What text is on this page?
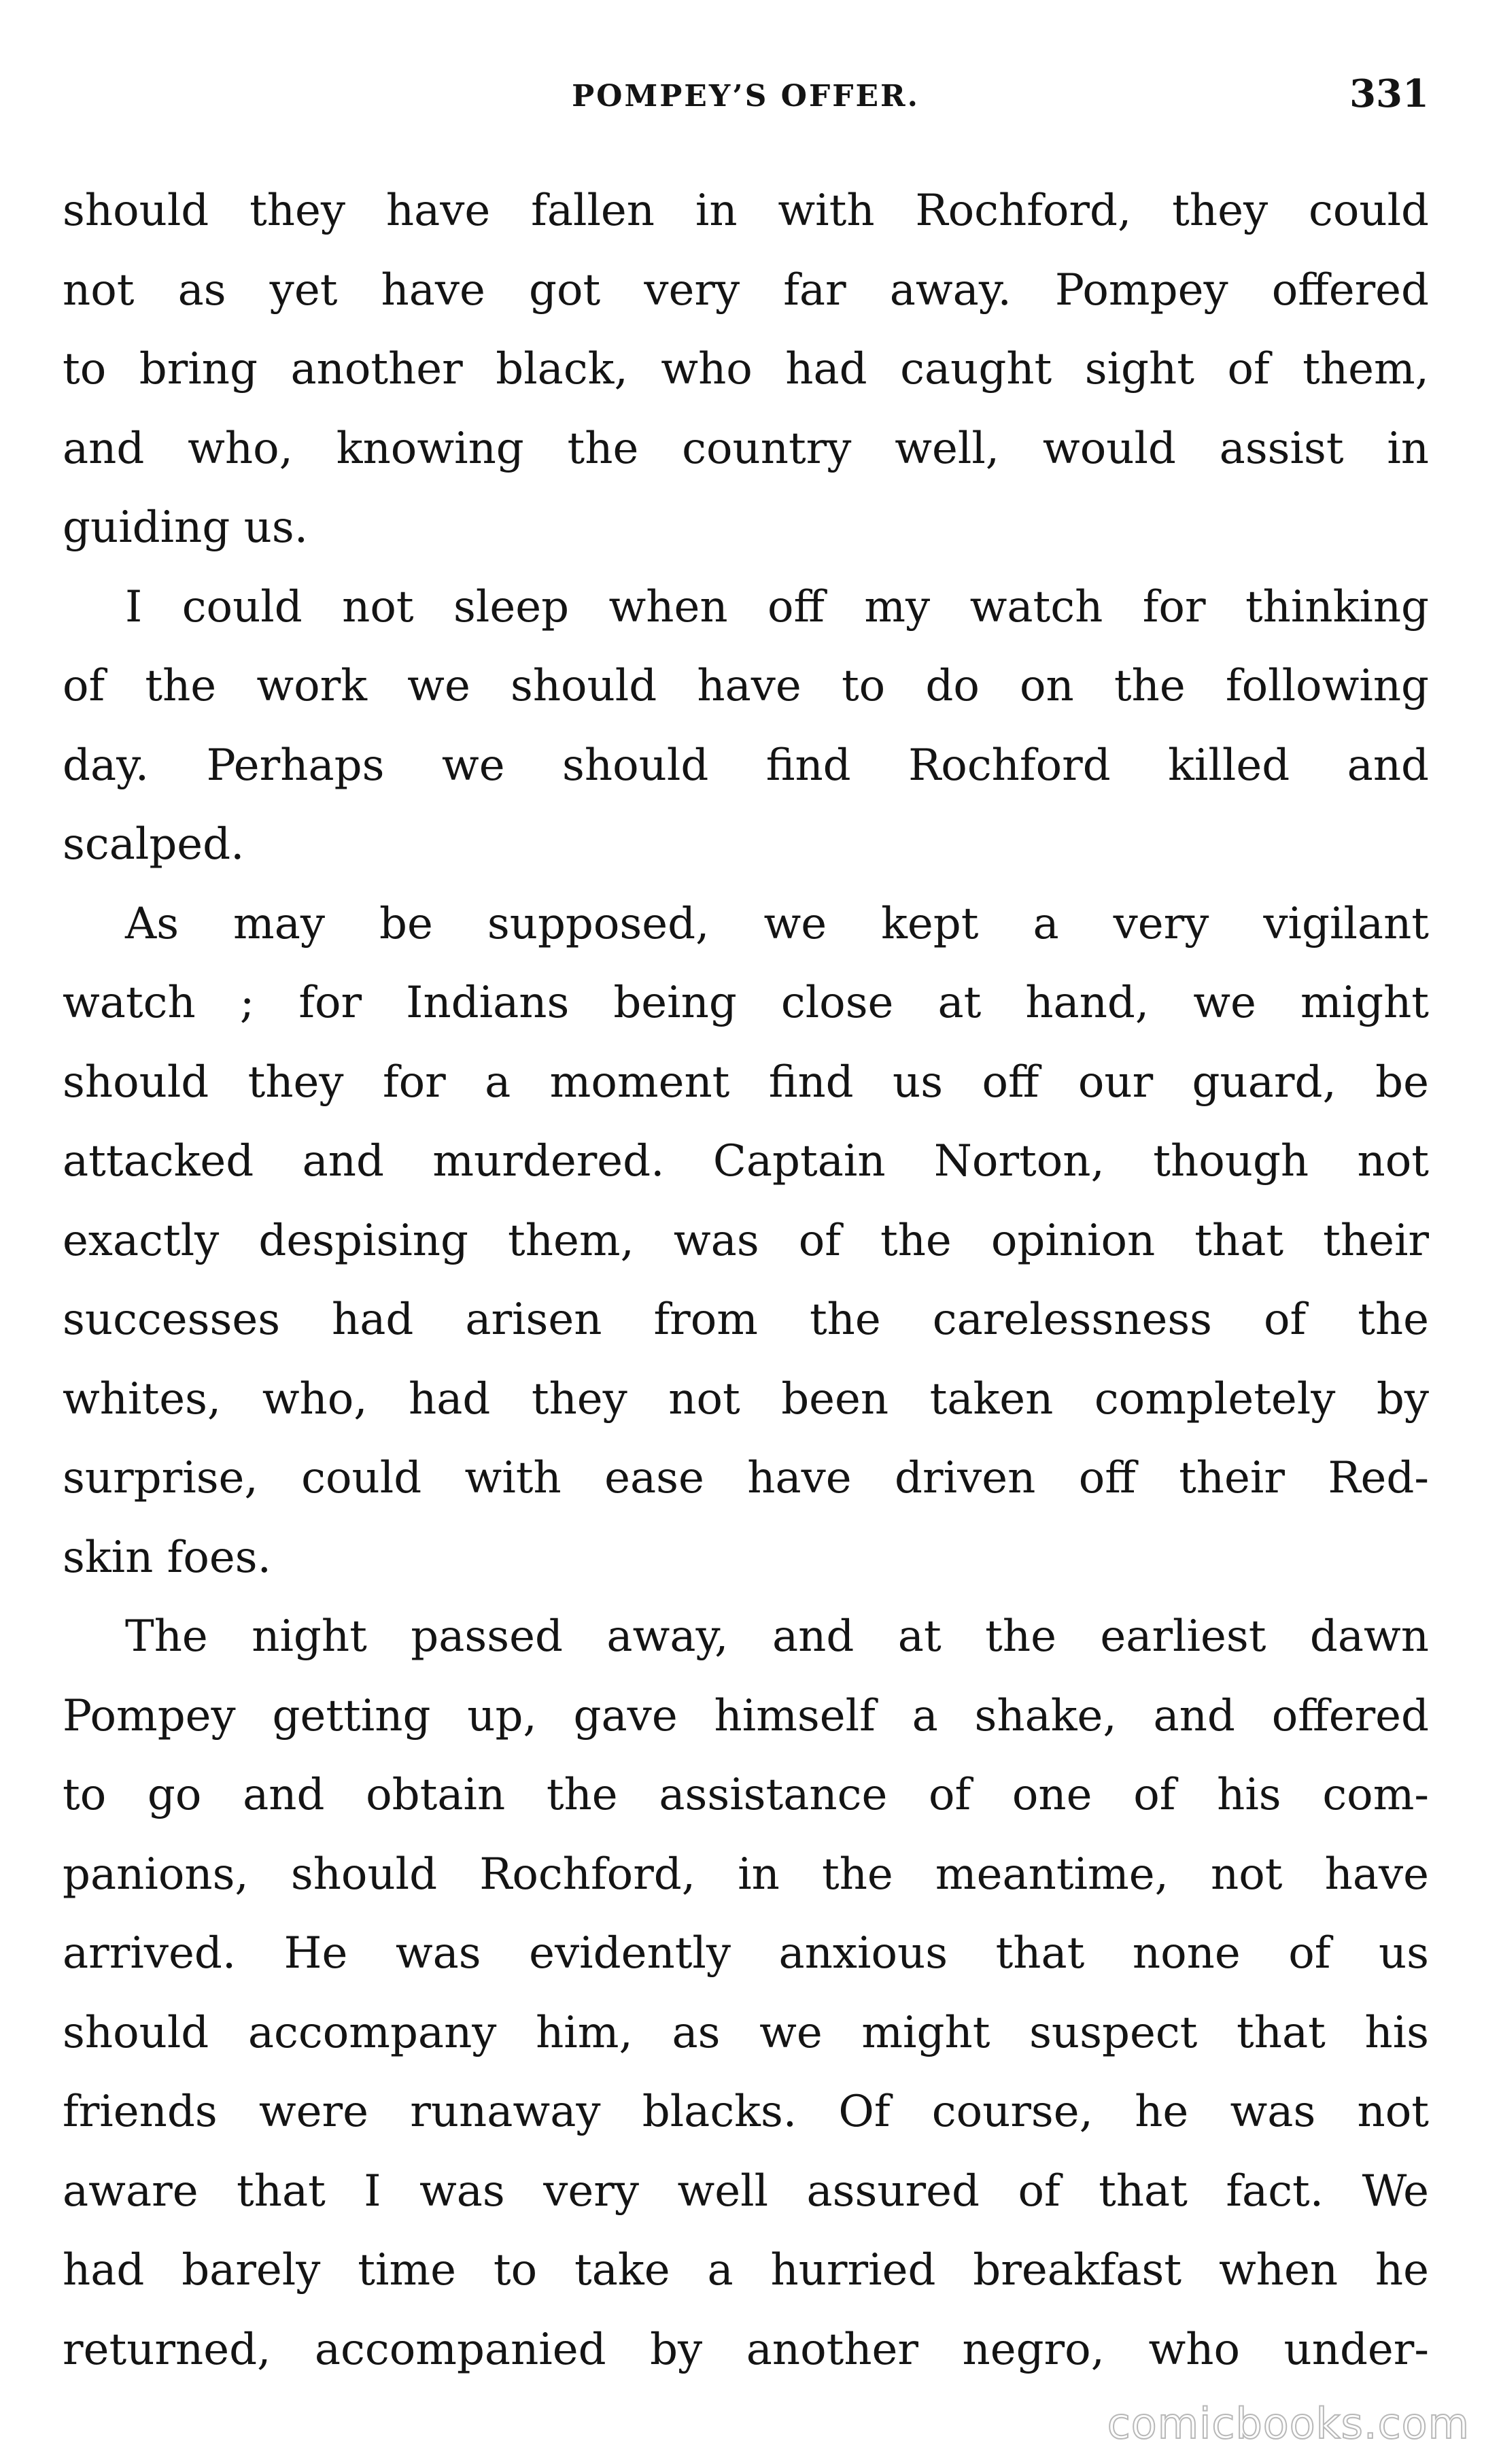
POMPEY’S OFFER.	331
should they have fallen in with Rochford, they could
not as yet have got very far away. Pompey offered
to bring another black, who had caught sight of them,
and who, knowing the country well, would assist in
guiding us.
I could not sleep when off my watch for thinking
of the work we should have to do on the following
day. Perhaps we should find Rochford killed and
scalped.
As may be supposed, we kept a very vigilant
watch ; for Indians being close at hand, we might
should they for a moment find us off our guard, be
attacked and murdered. Captain Norton, though not
exactly despising them, was of the opinion that their
successes had arisen from the carelessness of the
whites, who, had they not been taken completely by
surprise, could with ease have driven off their Red-
skin foes.
The night passed away, and at the earliest dawn
Pompey getting up, gave himself a shake, and offered
to go and obtain the assistance of one of his com-
panions, should Rochford, in the meantime, not have
arrived. He was evidently anxious that none of us
should accompany him, as we might suspect that his
friends were runaway blacks. Of course, he was not
aware that I was very well assured of that fact. We
had barely time to take a hurried breakfast when he
returned, accompanied by another negro, who under-
comicbooks.com
